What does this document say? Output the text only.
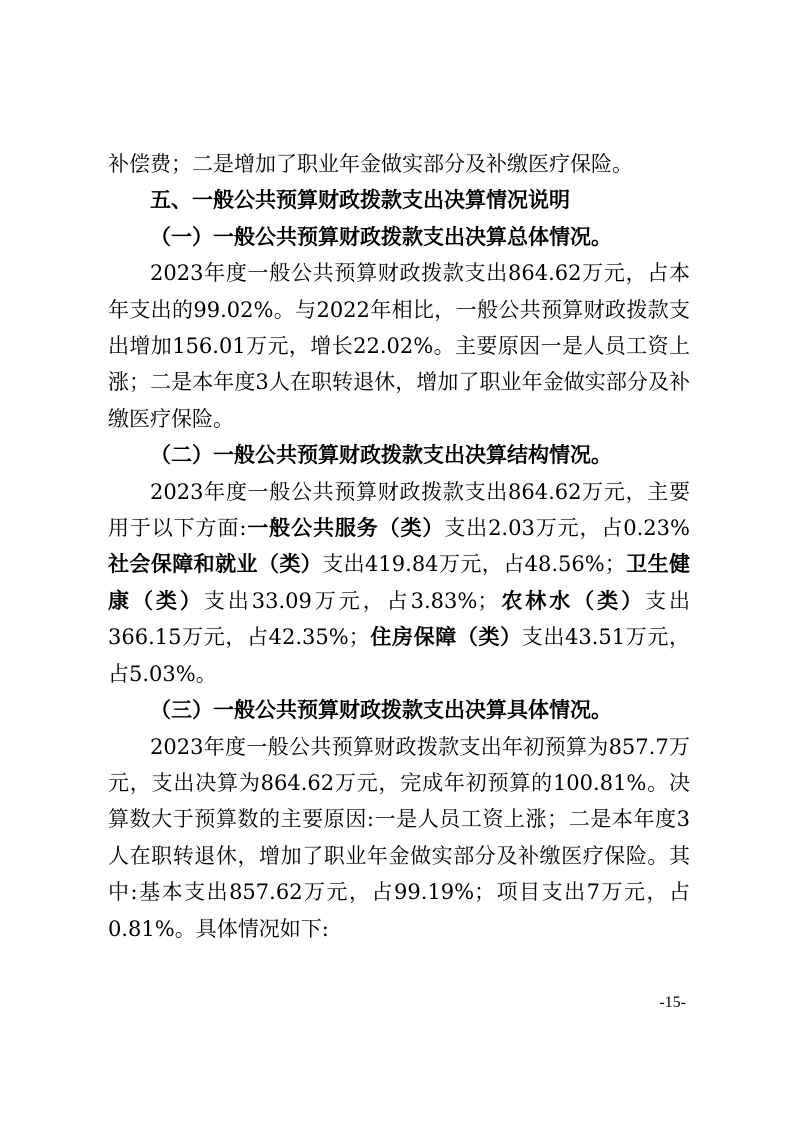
补偿费；二是增加了职业年金做实部分及补缴医疗保险。

五、一般公共预算财政拨款支出决算情况说明

（一）一般公共预算财政拨款支出决算总体情况。

2023年度一般公共预算财政拨款支出864.62万元，占本年支出的99.02%。与2022年相比，一般公共预算财政拨款支出增加156.01万元，增长22.02%。主要原因一是人员工资上涨；二是本年度3人在职转退休，增加了职业年金做实部分及补缴医疗保险。

（二）一般公共预算财政拨款支出决算结构情况。

2023年度一般公共预算财政拨款支出864.62万元，主要用于以下方面:一般公共服务（类）支出2.03万元，占0.23%社会保障和就业（类）支出419.84万元，占48.56%；卫生健康（类）支出33.09万元，占3.83%；农林水（类）支出366.15万元，占42.35%；住房保障（类）支出43.51万元，占5.03%。

（三）一般公共预算财政拨款支出决算具体情况。

2023年度一般公共预算财政拨款支出年初预算为857.7万元，支出决算为864.62万元，完成年初预算的100.81%。决算数大于预算数的主要原因:一是人员工资上涨；二是本年度3人在职转退休，增加了职业年金做实部分及补缴医疗保险。其中:基本支出857.62万元，占99.19%；项目支出7万元，占0.81%。具体情况如下:

-15-
